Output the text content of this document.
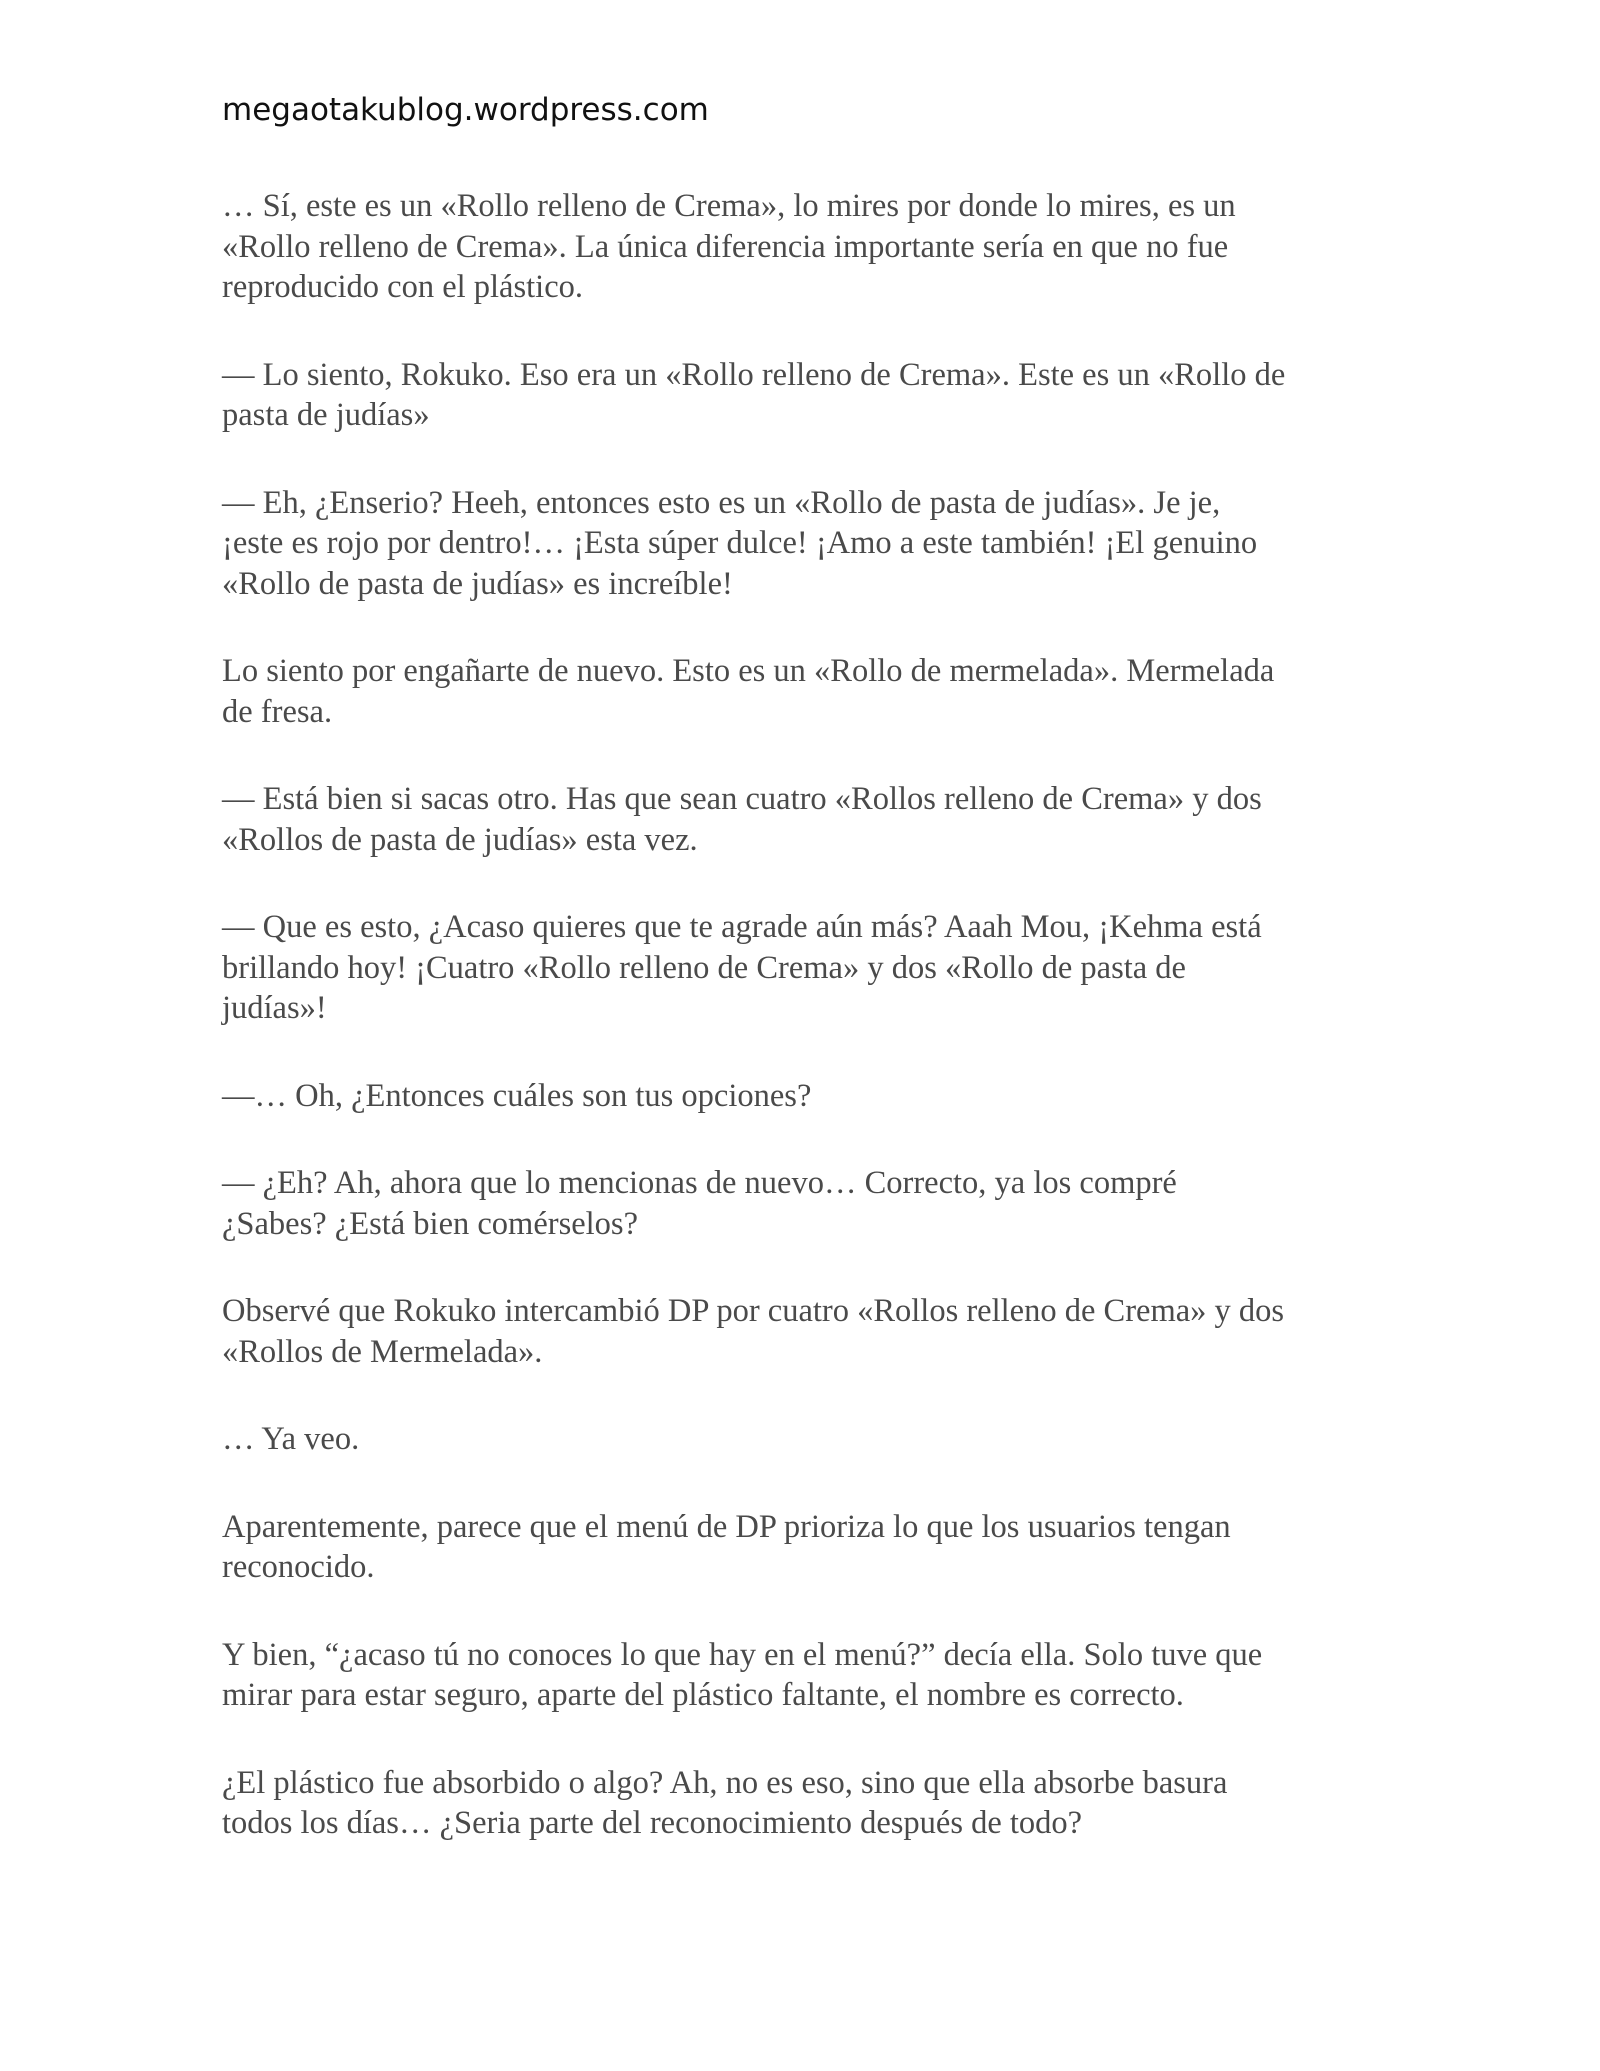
megaotakublog.wordpress.com

… Sí, este es un «Rollo relleno de Crema», lo mires por donde lo mires, es un
«Rollo relleno de Crema». La única diferencia importante sería en que no fue
reproducido con el plástico.

— Lo siento, Rokuko. Eso era un «Rollo relleno de Crema». Este es un «Rollo de
pasta de judías»

— Eh, ¿Enserio? Heeh, entonces esto es un «Rollo de pasta de judías». Je je,
¡este es rojo por dentro!… ¡Esta súper dulce! ¡Amo a este también! ¡El genuino
«Rollo de pasta de judías» es increíble!

Lo siento por engañarte de nuevo. Esto es un «Rollo de mermelada». Mermelada
de fresa.

— Está bien si sacas otro. Has que sean cuatro «Rollos relleno de Crema» y dos
«Rollos de pasta de judías» esta vez.

— Que es esto, ¿Acaso quieres que te agrade aún más? Aaah Mou, ¡Kehma está
brillando hoy! ¡Cuatro «Rollo relleno de Crema» y dos «Rollo de pasta de
judías»!

—… Oh, ¿Entonces cuáles son tus opciones?

— ¿Eh? Ah, ahora que lo mencionas de nuevo… Correcto, ya los compré
¿Sabes? ¿Está bien comérselos?

Observé que Rokuko intercambió DP por cuatro «Rollos relleno de Crema» y dos
«Rollos de Mermelada».

… Ya veo.

Aparentemente, parece que el menú de DP prioriza lo que los usuarios tengan
reconocido.

Y bien, “¿acaso tú no conoces lo que hay en el menú?” decía ella. Solo tuve que
mirar para estar seguro, aparte del plástico faltante, el nombre es correcto.

¿El plástico fue absorbido o algo? Ah, no es eso, sino que ella absorbe basura
todos los días… ¿Seria parte del reconocimiento después de todo?
